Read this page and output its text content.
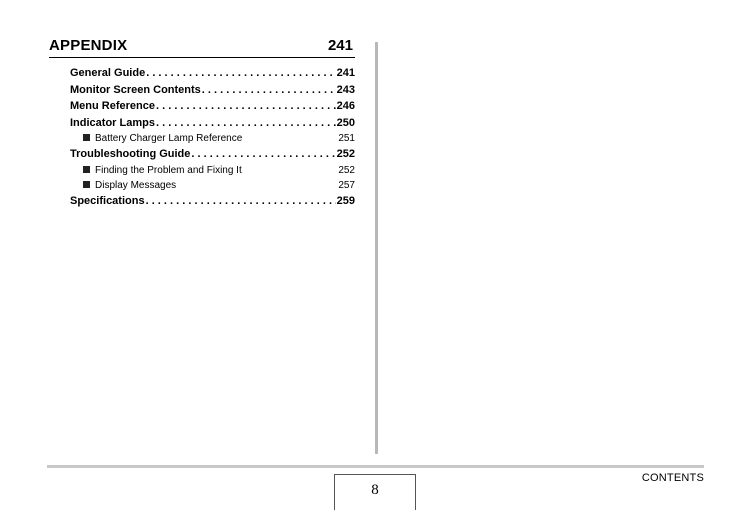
APPENDIX	241
General Guide . . .	241
Monitor Screen Contents . . .	243
Menu Reference . . .	246
Indicator Lamps . . .	250
Battery Charger Lamp Reference	251
Troubleshooting Guide . . .	252
Finding the Problem and Fixing It	252
Display Messages	257
Specifications . . .	259
8
CONTENTS
